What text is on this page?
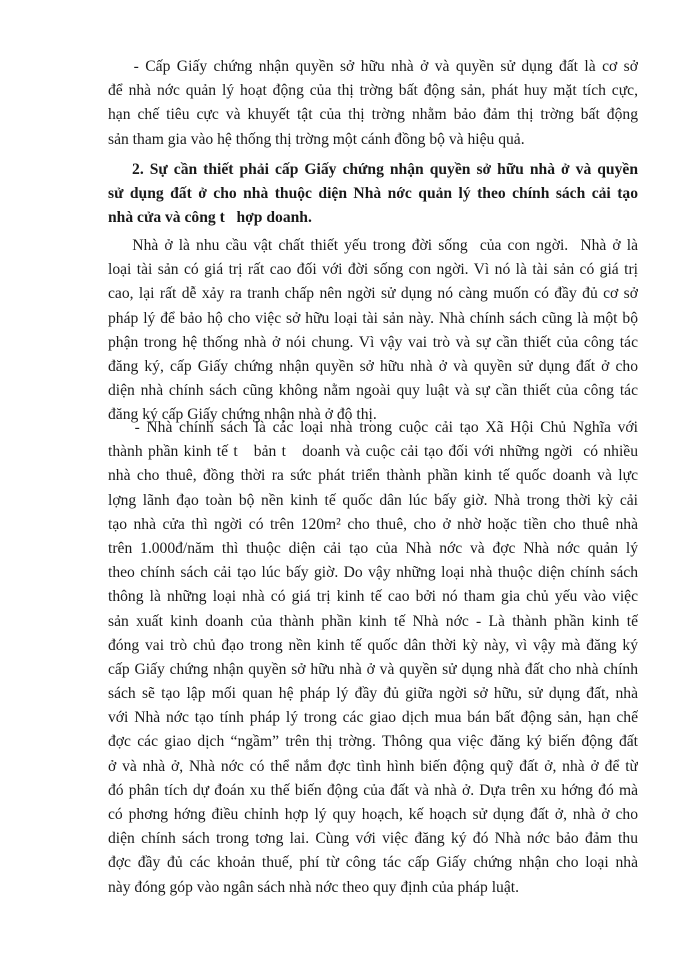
- Cấp Giấy chứng nhận quyền sở hữu nhà ở và quyền sử dụng đất là cơ sở
để nhà nớc quản lý hoạt động của thị trờng bất động sản, phát huy mặt tích cực,
hạn chế tiêu cực và khuyết tật của thị trờng nhằm bảo đảm thị trờng bất động
sản tham gia vào hệ thống thị trờng một cánh đồng bộ và hiệu quả.
2. Sự cần thiết phải cấp Giấy chứng nhận quyền sở hữu nhà ở và quyền
sử dụng đất ở cho nhà thuộc diện Nhà nớc quản lý theo chính sách cải tạo
nhà cửa và công t   hợp doanh.
Nhà ở là nhu cầu vật chất thiết yếu trong đời sống  của con ngời.  Nhà ở là
loại tài sản có giá trị rất cao đối với đời sống con ngời. Vì nó là tài sản có giá trị
cao, lại rất dễ xảy ra tranh chấp nên ngời sử dụng nó càng muốn có đầy đủ cơ sở
pháp lý để bảo hộ cho việc sở hữu loại tài sản này. Nhà chính sách cũng là một bộ
phận trong hệ thống nhà ở nói chung. Vì vậy vai trò và sự cần thiết của công tác
đăng ký, cấp Giấy chứng nhận quyền sở hữu nhà ở và quyền sử dụng đất ở cho
diện nhà chính sách cũng không nằm ngoài quy luật và sự cần thiết của công tác
đăng ký cấp Giấy chứng nhận nhà ở đô thị.
- Nhà chính sách là các loại nhà trong cuộc cải tạo Xã Hội Chủ Nghĩa với
thành phần kinh tế t   bản t   doanh và cuộc cải tạo đối với những ngời  có nhiều
nhà cho thuê, đồng thời ra sức phát triển thành phần kinh tế quốc doanh và lực
lợng lãnh đạo toàn bộ nền kinh tế quốc dân lúc bấy giờ. Nhà trong thời kỳ cải
tạo nhà cửa thì ngời có trên 120m² cho thuê, cho ở nhờ hoặc tiền cho thuê nhà
trên 1.000đ/năm thì thuộc diện cải tạo của Nhà nớc và đợc Nhà nớc quản lý
theo chính sách cải tạo lúc bấy giờ. Do vậy những loại nhà thuộc diện chính sách
thông là những loại nhà có giá trị kinh tế cao bởi nó tham gia chủ yếu vào việc
sản xuất kinh doanh của thành phần kinh tế Nhà nớc - Là thành phần kinh tế
đóng vai trò chủ đạo trong nền kinh tế quốc dân thời kỳ này, vì vậy mà đăng ký
cấp Giấy chứng nhận quyền sở hữu nhà ở và quyền sử dụng nhà đất cho nhà chính
sách sẽ tạo lập mối quan hệ pháp lý đầy đủ giữa ngời sở hữu, sử dụng đất, nhà
với Nhà nớc tạo tính pháp lý trong các giao dịch mua bán bất động sản, hạn chế
đợc các giao dịch “ngầm” trên thị trờng. Thông qua việc đăng ký biến động đất
ở và nhà ở, Nhà nớc có thể nắm đợc tình hình biến động quỹ đất ở, nhà ở để từ
đó phân tích dự đoán xu thế biến động của đất và nhà ở. Dựa trên xu hớng đó mà
có phơng hớng điều chỉnh hợp lý quy hoạch, kế hoạch sử dụng đất ở, nhà ở cho
diện chính sách trong tơng lai. Cùng với việc đăng ký đó Nhà nớc bảo đảm thu
đợc đầy đủ các khoản thuế, phí từ công tác cấp Giấy chứng nhận cho loại nhà
này đóng góp vào ngân sách nhà nớc theo quy định của pháp luật.
